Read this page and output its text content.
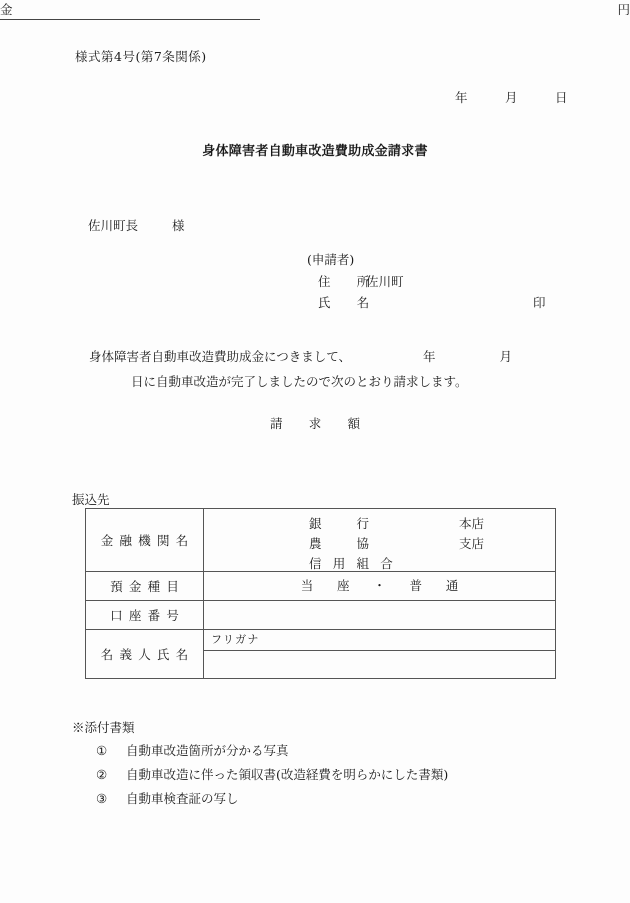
様式第4号(第7条関係)
年	月	日
身体障害者自動車改造費助成金請求書
佐川町長	様
(申請者)
住　所佐川町
氏　名	印
身体障害者自動車改造費助成金につきまして、	年	月日に自動車改造が完了しましたので次のとおり請求します。
請　求　額
金	円
振込先
金融機関名	銀　行 本店
農　協 支店
信用組合

預金種目	当　座　・　普　通

口座番号	

名義人氏名	フリガナ
※添付書類
① 自動車改造箇所が分かる写真
② 自動車改造に伴った領収書(改造経費を明らかにした書類)
③ 自動車検査証の写し
